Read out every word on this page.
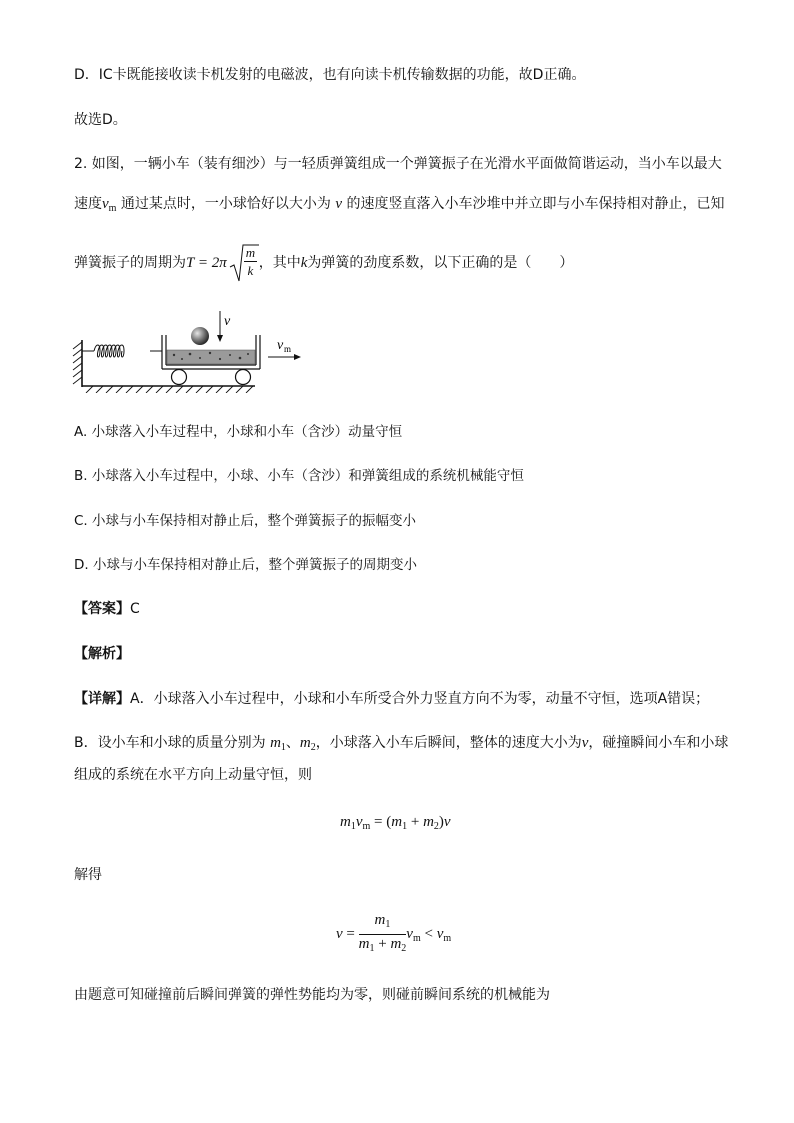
D．IC卡既能接收读卡机发射的电磁波，也有向读卡机传输数据的功能，故D正确。
故选D。
2. 如图，一辆小车（装有细沙）与一轻质弹簧组成一个弹簧振子在光滑水平面做简谐运动，当小车以最大
速度$v_m$ 通过某点时，一小球恰好以大小为 v 的速度竖直落入小车沙堆中并立即与小车保持相对静止，已知
弹簧振子的周期为$T = 2\pi \frac{m}{k}$ ，其中k为弹簧的劲度系数，以下正确的是（　　）
v
v m
A. 小球落入小车过程中，小球和小车（含沙）动量守恒
B. 小球落入小车过程中，小球、小车（含沙）和弹簧组成的系统机械能守恒
C. 小球与小车保持相对静止后，整个弹簧振子的振幅变小
D. 小球与小车保持相对静止后，整个弹簧振子的周期变小
【答案】C
【解析】
【详解】A．小球落入小车过程中，小球和小车所受合外力竖直方向不为零，动量不守恒，选项A错误；
B．设小车和小球的质量分别为 $m_1$、$m_2$，小球落入小车后瞬间，整体的速度大小为v，碰撞瞬间小车和小球
组成的系统在水平方向上动量守恒，则
$m_1v_m = (m_1 + m_2)v$
解得
$v = \frac{m_1}{m_1 + m_2} v_m < v_m$
由题意可知碰撞前后瞬间弹簧的弹性势能均为零，则碰前瞬间系统的机械能为
